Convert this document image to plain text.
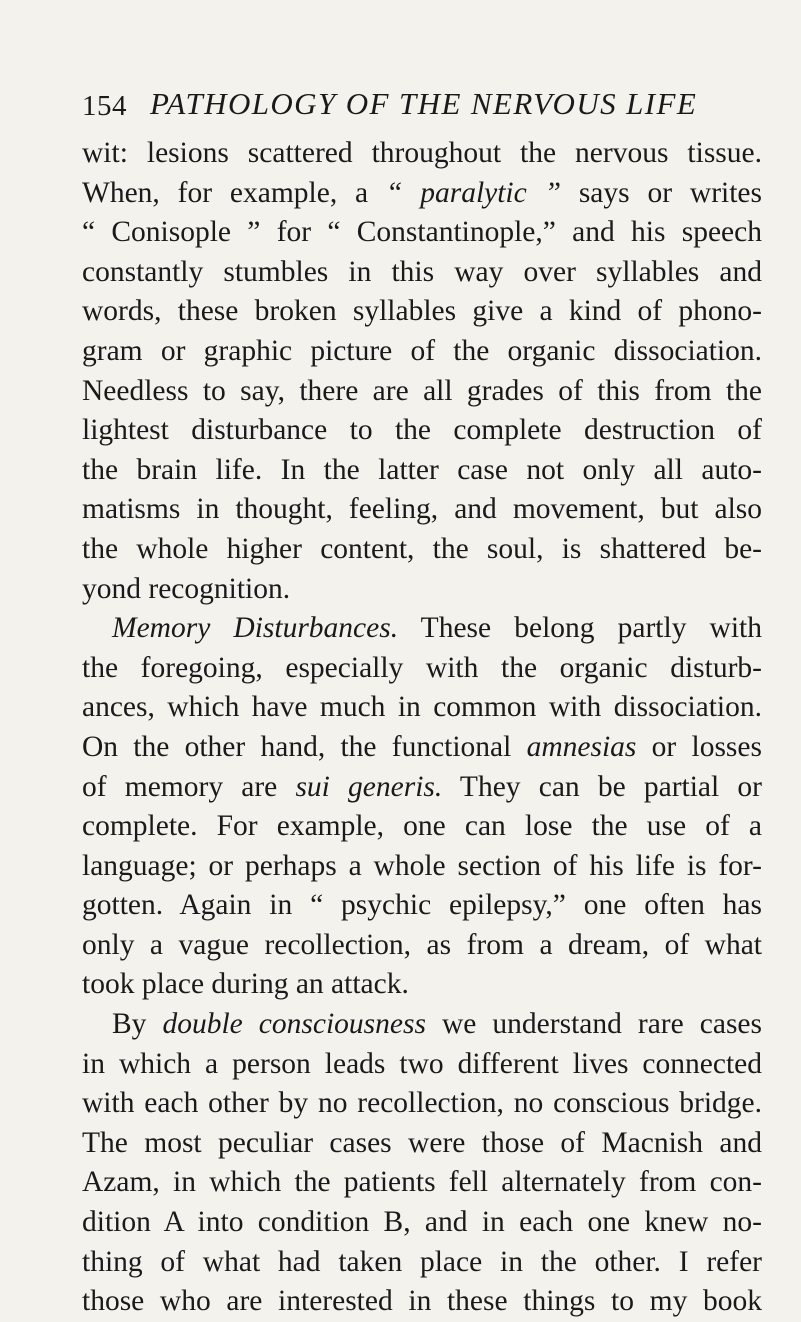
154 PATHOLOGY OF THE NERVOUS LIFE
wit: lesions scattered throughout the nervous tissue.
When, for example, a “ paralytic ” says or writes
“ Conisople ” for “ Constantinople,” and his speech
constantly stumbles in this way over syllables and
words, these broken syllables give a kind of phono-
gram or graphic picture of the organic dissociation.
Needless to say, there are all grades of this from the
lightest disturbance to the complete destruction of
the brain life. In the latter case not only all auto-
matisms in thought, feeling, and movement, but also
the whole higher content, the soul, is shattered be-
yond recognition.
Memory Disturbances. These belong partly with
the foregoing, especially with the organic disturb-
ances, which have much in common with dissociation.
On the other hand, the functional amnesias or losses
of memory are sui generis. They can be partial or
complete. For example, one can lose the use of a
language; or perhaps a whole section of his life is for-
gotten. Again in “ psychic epilepsy,” one often has
only a vague recollection, as from a dream, of what
took place during an attack.
By double consciousness we understand rare cases
in which a person leads two different lives connected
with each other by no recollection, no conscious bridge.
The most peculiar cases were those of Macnish and
Azam, in which the patients fell alternately from con-
dition A into condition B, and in each one knew no-
thing of what had taken place in the other. I refer
those who are interested in these things to my book
